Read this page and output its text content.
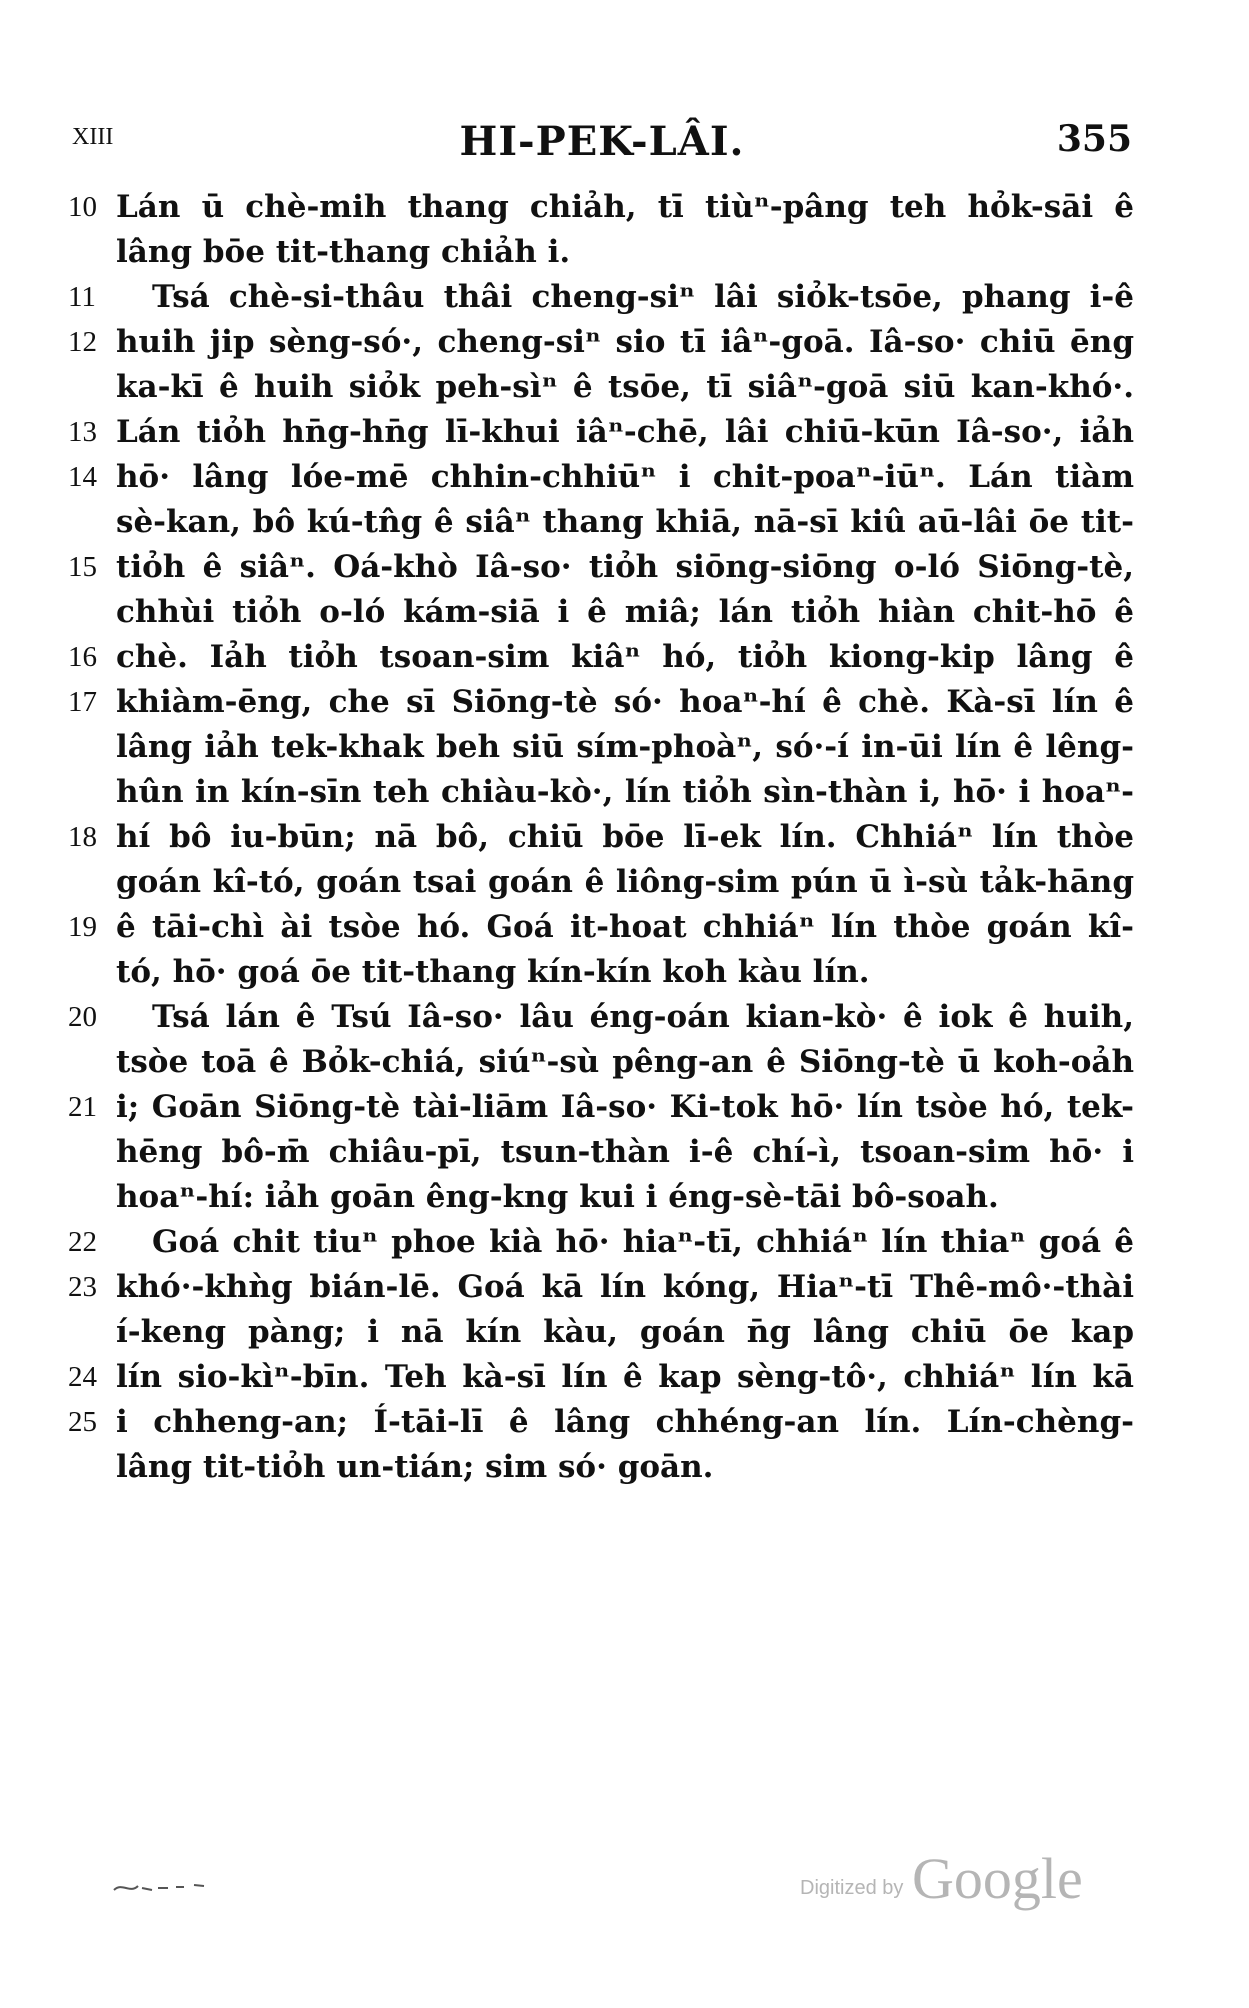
XIII	HI-PEK-LÂI.	355
10 Lán ū chè-mih thang chiảh, tī tiùⁿ-pâng teh hỏk-sāi ê
lâng bōe tit-thang chiảh i.
11	Tsá chè-si-thâu thâi cheng-siⁿ lâi siỏk-tsōe, phang i-ê
12 huih jip sèng-só·, cheng-siⁿ sio tī iâⁿ-goā. Iâ-so· chiū ēng
ka-kī ê huih siỏk peh-sìⁿ ê tsōe, tī siâⁿ-goā siū kan-khó·.
13 Lán tiỏh hn̄g-hn̄g lī-khui iâⁿ-chē, lâi chiū-kūn Iâ-so·, iảh
14 hō· lâng lóe-mē chhin-chhiūⁿ i chit-poaⁿ-iūⁿ. Lán tiàm
sè-kan, bô kú-tn̂g ê siâⁿ thang khiā, nā-sī kiû aū-lâi ōe tit-
15 tiỏh ê siâⁿ. Oá-khò Iâ-so· tiỏh siōng-siōng o-ló Siōng-tè,
chhùi tiỏh o-ló kám-siā i ê miâ; lán tiỏh hiàn chit-hō ê
16 chè. Iảh tiỏh tsoan-sim kiâⁿ hó, tiỏh kiong-kip lâng ê
17 khiàm-ēng, che sī Siōng-tè só· hoaⁿ-hí ê chè. Kà-sī lín ê
lâng iảh tek-khak beh siū sím-phoàⁿ, só·-í in-ūi lín ê lêng-
hûn in kín-sīn teh chiàu-kò·, lín tiỏh sìn-thàn i, hō· i hoaⁿ-
18 hí bô iu-būn; nā bô, chiū bōe lī-ek lín. Chhiáⁿ lín thòe
goán kî-tó, goán tsai goán ê liông-sim pún ū ì-sù tảk-hāng
19 ê tāi-chì ài tsòe hó. Goá it-hoat chhiáⁿ lín thòe goán kî-
tó, hō· goá ōe tit-thang kín-kín koh kàu lín.
20	Tsá lán ê Tsú Iâ-so· lâu éng-oán kian-kò· ê iok ê huih,
tsòe toā ê Bỏk-chiá, siúⁿ-sù pêng-an ê Siōng-tè ū koh-oảh
21 i; Goān Siōng-tè tài-liām Iâ-so· Ki-tok hō· lín tsòe hó, tek-
hēng bô-m̄ chiâu-pī, tsun-thàn i-ê chí-ì, tsoan-sim hō· i
hoaⁿ-hí: iảh goān êng-kng kui i éng-sè-tāi bô-soah.
22	Goá chit tiuⁿ phoe kià hō· hiaⁿ-tī, chhiáⁿ lín thiaⁿ goá ê
23 khó·-khǹg bián-lē. Goá kā lín kóng, Hiaⁿ-tī Thê-mô·-thài
í-keng pàng; i nā kín kàu, goán n̄g lâng chiū ōe kap
24 lín sio-kìⁿ-bīn. Teh kà-sī lín ê kap sèng-tô·, chhiáⁿ lín kā
25 i chheng-an; Í-tāi-lī ê lâng chhéng-an lín. Lín-chèng-
lâng tit-tiỏh un-tián; sim só· goān.
Digitized by Google
